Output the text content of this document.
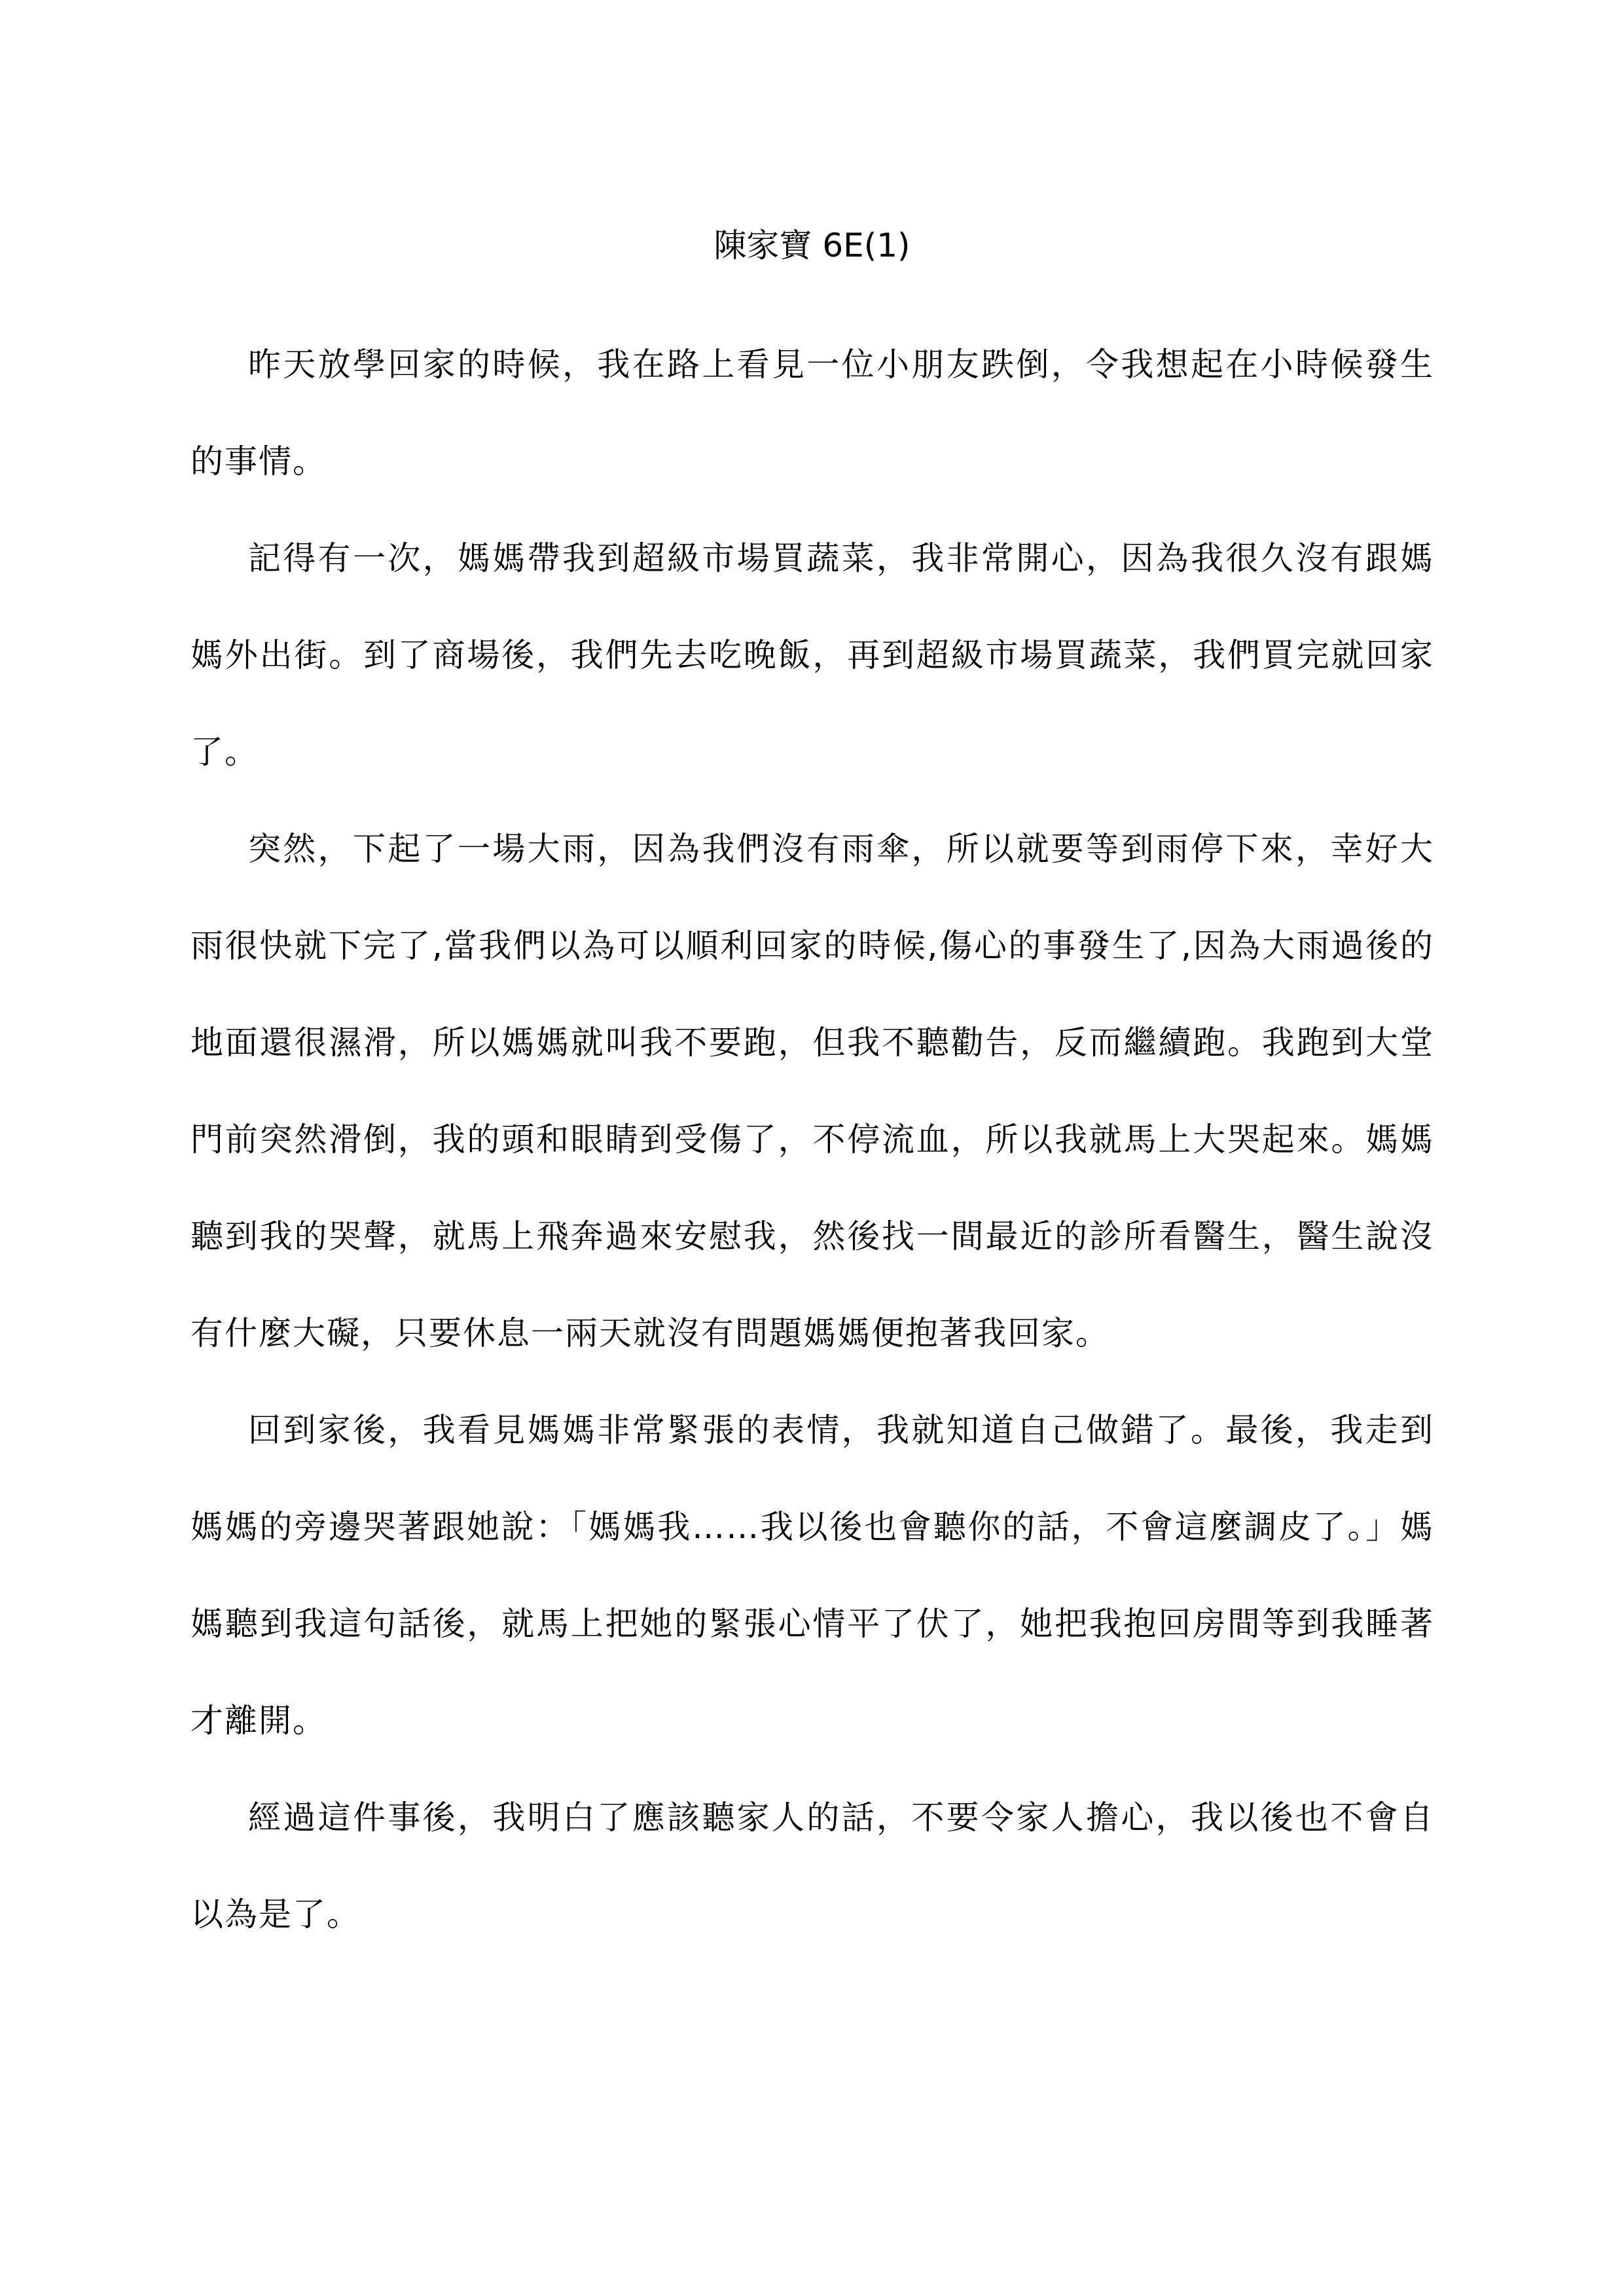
陳家寶 6E(1)

昨天放學回家的時候，我在路上看見一位小朋友跌倒，令我想起在小時候發生的事情。

記得有一次，媽媽帶我到超級市場買蔬菜，我非常開心，因為我很久沒有跟媽媽外出街。到了商場後，我們先去吃晚飯，再到超級市場買蔬菜，我們買完就回家了。

突然，下起了一場大雨，因為我們沒有雨傘，所以就要等到雨停下來，幸好大雨很快就下完了,當我們以為可以順利回家的時候,傷心的事發生了,因為大雨過後的地面還很濕滑，所以媽媽就叫我不要跑，但我不聽勸告，反而繼續跑。我跑到大堂門前突然滑倒，我的頭和眼睛到受傷了，不停流血，所以我就馬上大哭起來。媽媽聽到我的哭聲，就馬上飛奔過來安慰我，然後找一間最近的診所看醫生，醫生說沒有什麼大礙，只要休息一兩天就沒有問題媽媽便抱著我回家。

回到家後，我看見媽媽非常緊張的表情，我就知道自己做錯了。最後，我走到媽媽的旁邊哭著跟她說：「媽媽我……我以後也會聽你的話，不會這麼調皮了。」媽媽聽到我這句話後，就馬上把她的緊張心情平了伏了，她把我抱回房間等到我睡著才離開。

經過這件事後，我明白了應該聽家人的話，不要令家人擔心，我以後也不會自以為是了。
